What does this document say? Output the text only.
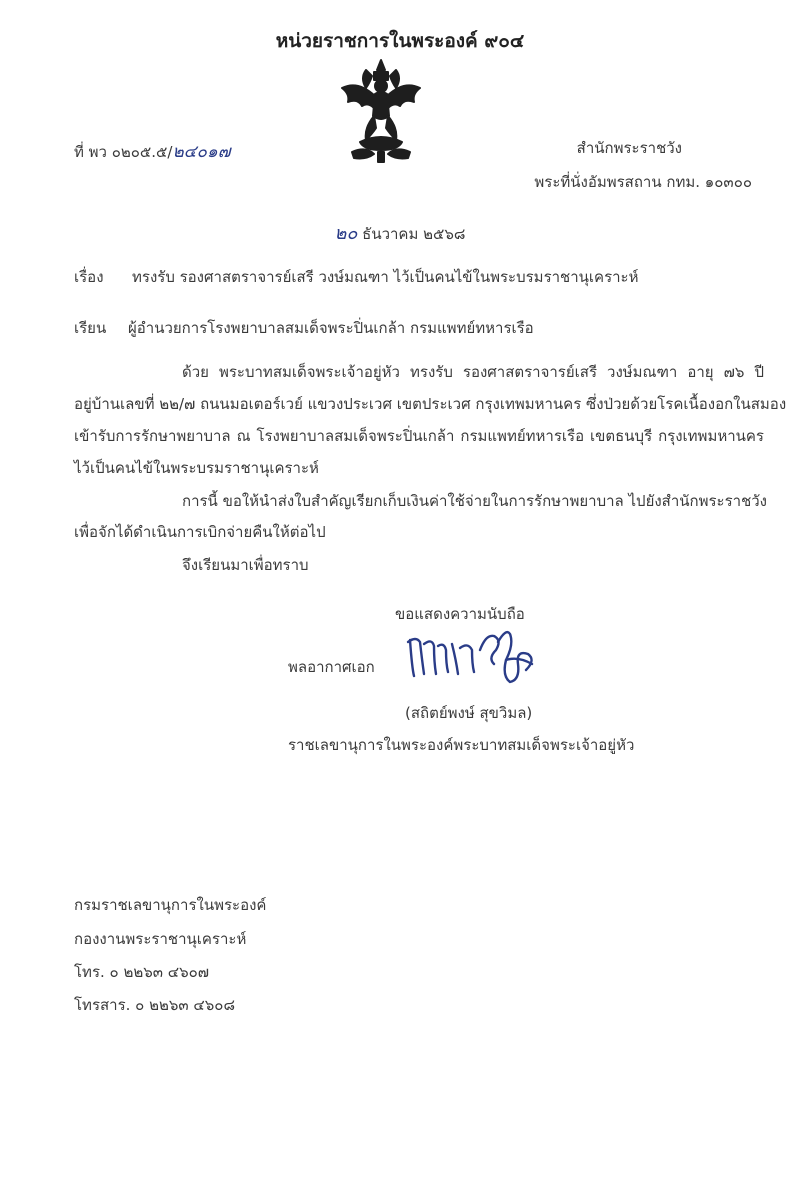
หน่วยราชการในพระองค์ ๙๐๔
ที่ พว ๐๒๐๕.๕/๒๔๐๑๗	สำนักพระราชวัง
พระที่นั่งอัมพรสถาน กทม. ๑๐๓๐๐
๒๐ ธันวาคม ๒๕๖๘
เรื่อง ทรงรับ รองศาสตราจารย์เสรี วงษ์มณฑา ไว้เป็นคนไข้ในพระบรมราชานุเคราะห์
เรียน ผู้อำนวยการโรงพยาบาลสมเด็จพระปิ่นเกล้า กรมแพทย์ทหารเรือ
ด้วย พระบาทสมเด็จพระเจ้าอยู่หัว ทรงรับ รองศาสตราจารย์เสรี วงษ์มณฑา อายุ ๗๖ ปี
อยู่บ้านเลขที่ ๒๒/๗ ถนนมอเตอร์เวย์ แขวงประเวศ เขตประเวศ กรุงเทพมหานคร ซึ่งป่วยด้วยโรคเนื้องอกในสมอง
เข้ารับการรักษาพยาบาล ณ โรงพยาบาลสมเด็จพระปิ่นเกล้า กรมแพทย์ทหารเรือ เขตธนบุรี กรุงเทพมหานคร
ไว้เป็นคนไข้ในพระบรมราชานุเคราะห์
การนี้ ขอให้นำส่งใบสำคัญเรียกเก็บเงินค่าใช้จ่ายในการรักษาพยาบาล ไปยังสำนักพระราชวัง
เพื่อจักได้ดำเนินการเบิกจ่ายคืนให้ต่อไป
จึงเรียนมาเพื่อทราบ
ขอแสดงความนับถือ
พลอากาศเอก
(สถิตย์พงษ์ สุขวิมล)
ราชเลขานุการในพระองค์พระบาทสมเด็จพระเจ้าอยู่หัว
กรมราชเลขานุการในพระองค์
กองงานพระราชานุเคราะห์
โทร. ๐ ๒๒๖๓ ๔๖๐๗
โทรสาร. ๐ ๒๒๖๓ ๔๖๐๘
